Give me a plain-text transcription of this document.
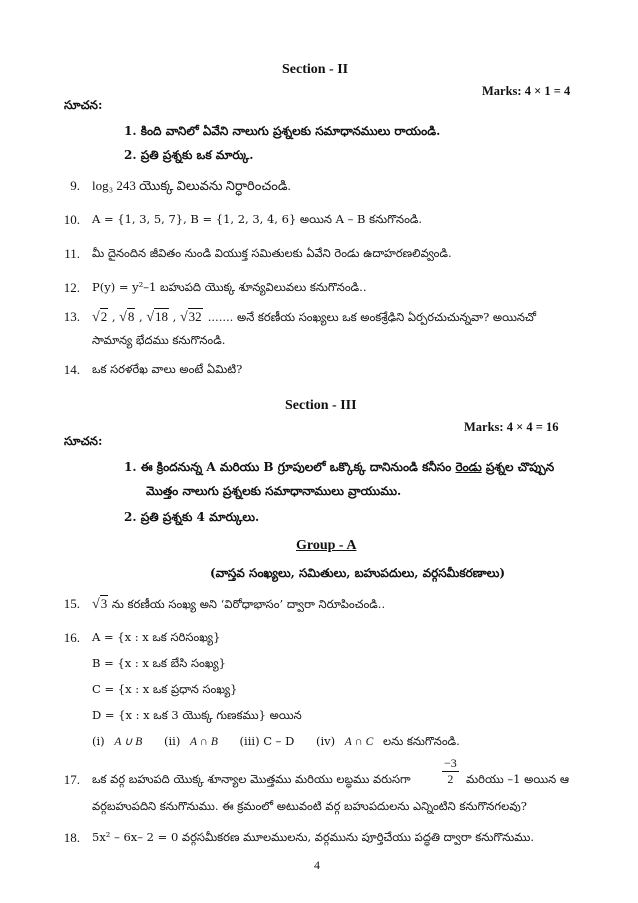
Section - II
Marks: 4 × 1 = 4
సూచన:
1. కింది వానిలో ఏవేని నాలుగు ప్రశ్నలకు సమాధానములు రాయండి.
2. ప్రతి ప్రశ్నకు ఒక మార్కు.
9. log₃ 243 యొక్క విలువను నిర్ధారించండి.
10. A = {1, 3, 5, 7}, B = {1, 2, 3, 4, 6} అయిన A – B కనుగొనండి.
11. మీ దైనందిన జీవితం నుండి వియుక్త సమితులకు ఏవేని రెండు ఉదాహరణలివ్వండి.
12. P(y) = y²–1 బహుపది యొక్క శూన్యవిలువలు కనుగొనండి..
13. √2 , √8 , √18 , √32 ....... అనే కరణీయ సంఖ్యలు ఒక అంకశ్రేఢిని ఏర్పరచుచున్నవా? అయినచో
సామాన్య భేదము కనుగొనండి.
14. ఒక సరళరేఖ వాలు అంటే ఏమిటి?
Section - III
Marks: 4 × 4 = 16
సూచన:
1. ఈ క్రిందనున్న A మరియు B గ్రూపులలో ఒక్కొక్క దానినుండి కనీసం రెండు ప్రశ్నల చొప్పున
మొత్తం నాలుగు ప్రశ్నలకు సమాధానాములు వ్రాయుము.
2. ప్రతి ప్రశ్నకు 4 మార్కులు.
Group - A
(వాస్తవ సంఖ్యలు, సమితులు, బహుపదులు, వర్గసమీకరణాలు)
15. √3 ను కరణీయ సంఖ్య అని ‘విరోధాభాసం’ ద్వారా నిరూపించండి..
16. A = {x : x ఒక సరిసంఖ్య}
B = {x : x ఒక బేసి సంఖ్య}
C = {x : x ఒక ప్రధాన సంఖ్య}
D = {x : x ఒక 3 యొక్క గుణకము} అయిన
(i) A ∪ B (ii) A ∩ B (iii) C – D (iv) A ∩ C లను కనుగొనండి.
17. ఒక వర్గ బహుపది యొక్క శూన్యాల మొత్తము మరియు లబ్ధము వరుసగా	$\frac{-3}{2}$ మరియు –1 అయిన ఆ
వర్గబహుపదిని కనుగొనుము. ఈ క్రమంలో అటువంటి వర్గ బహుపదులను ఎన్నింటిని కనుగొనగలవు?
18. 5x² – 6x– 2 = 0 వర్గసమీకరణ మూలములను, వర్గమును పూర్తిచేయు పద్ధతి ద్వారా కనుగొనుము.
4
